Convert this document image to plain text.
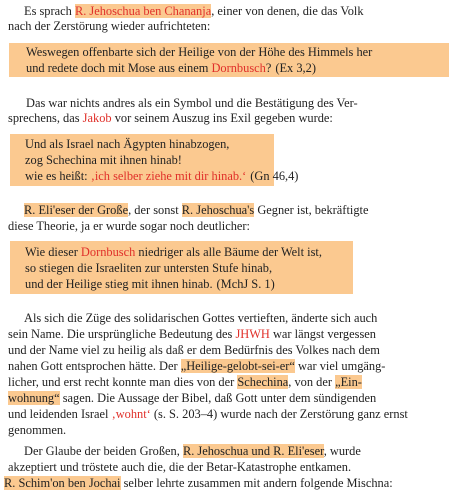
Es sprach R. Jehoschua ben Chananja, einer von denen, die das Volk
nach der Zerstörung wieder aufrichteten:
Weswegen offenbarte sich der Heilige von der Höhe des Himmels her
und redete doch mit Mose aus einem Dornbusch? (Ex 3,2)
Das war nichts andres als ein Symbol und die Bestätigung des Ver-
sprechens, das Jakob vor seinem Auszug ins Exil gegeben wurde:
Und als Israel nach Ägypten hinabzogen,
zog Schechina mit ihnen hinab!
wie es heißt: ‚ich selber ziehe mit dir hinab.‘ (Gn 46,4)
R. Eli'eser der Große, der sonst R. Jehoschua's Gegner ist, bekräftigte
diese Theorie, ja er wurde sogar noch deutlicher:
Wie dieser Dornbusch niedriger als alle Bäume der Welt ist,
so stiegen die Israeliten zur untersten Stufe hinab,
und der Heilige stieg mit ihnen hinab. (MchJ S. 1)
Als sich die Züge des solidarischen Gottes vertieften, änderte sich auch
sein Name. Die ursprüngliche Bedeutung des JHWH war längst vergessen
und der Name viel zu heilig als daß er dem Bedürfnis des Volkes nach dem
nahen Gott entsprochen hätte. Der „Heilige-gelobt-sei-er“ war viel umgäng-
licher, und erst recht konnte man dies von der Schechina, von der „Ein-
wohnung“ sagen. Die Aussage der Bibel, daß Gott unter dem sündigenden
und leidenden Israel ‚wohnt‘ (s. S. 203–4) wurde nach der Zerstörung ganz ernst
genommen.
Der Glaube der beiden Großen, R. Jehoschua und R. Eli'eser, wurde
akzeptiert und tröstete auch die, die der Betar-Katastrophe entkamen.
R. Schim'on ben Jochai selber lehrte zusammen mit andern folgende Mischna:
